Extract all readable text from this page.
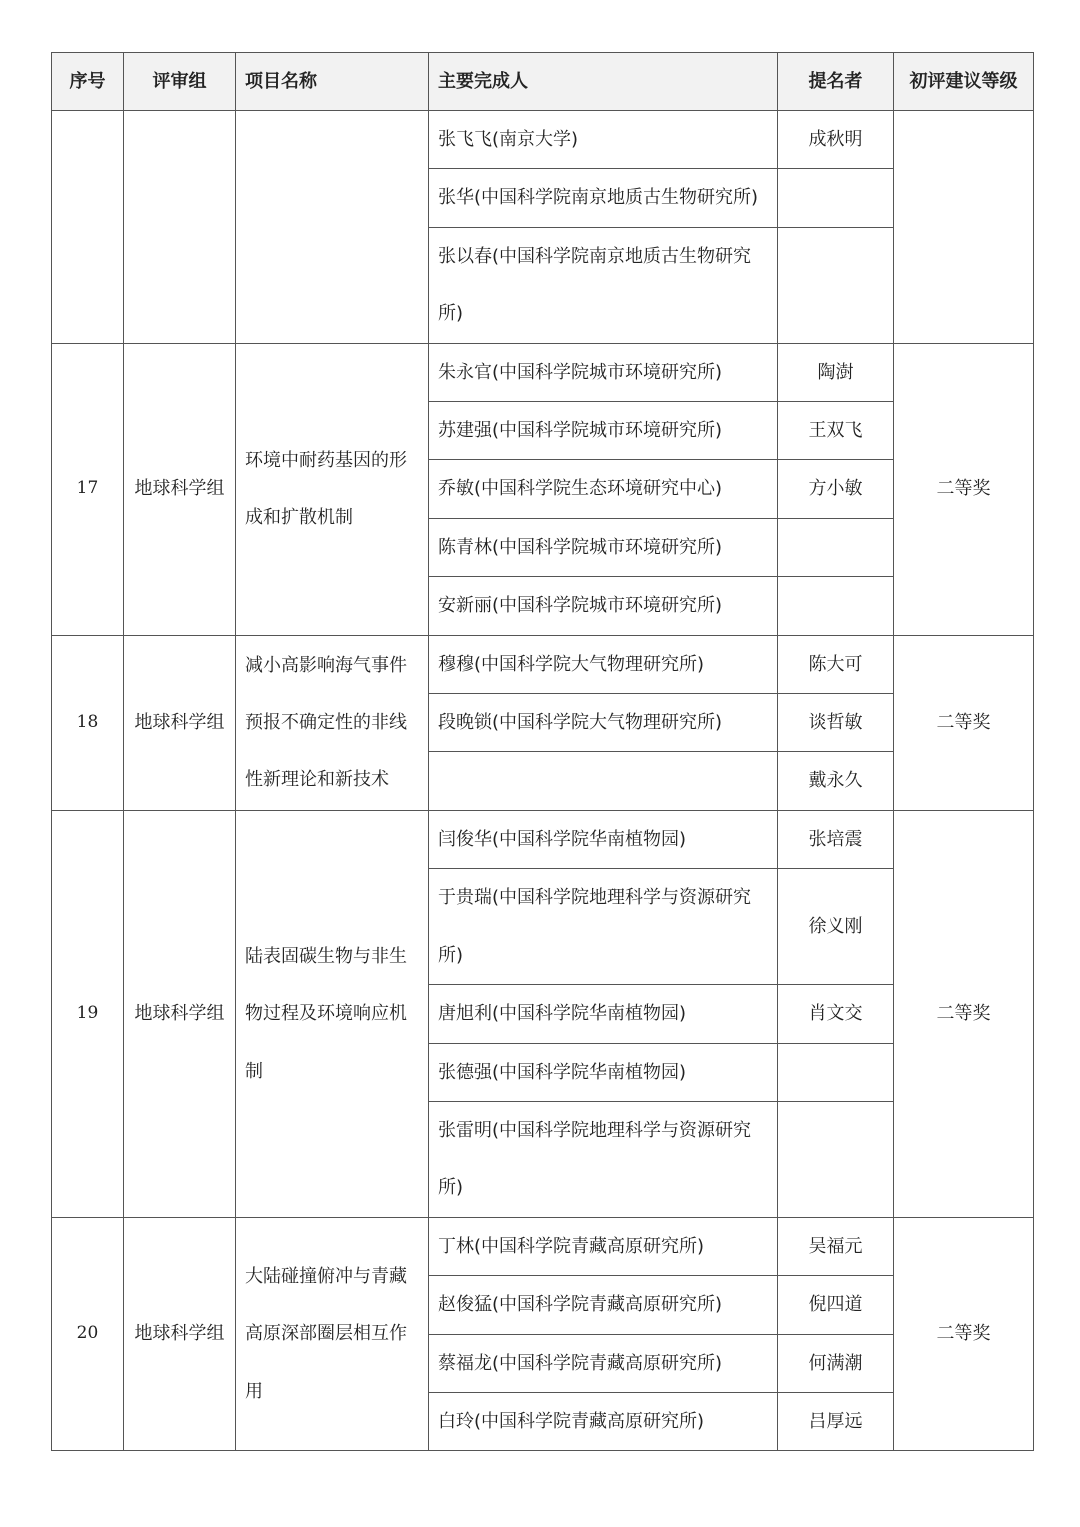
序号	评审组	项目名称	主要完成人	提名者	初评建议等级
			张飞飞(南京大学)	成秋明	
			张华(中国科学院南京地质古生物研究所)		
			张以春(中国科学院南京地质古生物研究所)		

17	地球科学组	环境中耐药基因的形成和扩散机制	朱永官(中国科学院城市环境研究所)	陶澍	二等奖
			苏建强(中国科学院城市环境研究所)	王双飞	
			乔敏(中国科学院生态环境研究中心)	方小敏	
			陈青林(中国科学院城市环境研究所)		
			安新丽(中国科学院城市环境研究所)		
18	地球科学组	减小高影响海气事件预报不确定性的非线性新理论和新技术	穆穆(中国科学院大气物理研究所)	陈大可	二等奖
			段晚锁(中国科学院大气物理研究所)	谈哲敏	
				戴永久	
19	地球科学组	陆表固碳生物与非生物过程及环境响应机制	闫俊华(中国科学院华南植物园)	张培震	二等奖
			于贵瑞(中国科学院地理科学与资源研究所)	徐义刚	

			唐旭利(中国科学院华南植物园)	肖文交	
			张德强(中国科学院华南植物园)		
			张雷明(中国科学院地理科学与资源研究所)		

20	地球科学组	大陆碰撞俯冲与青藏高原深部圈层相互作用	丁林(中国科学院青藏高原研究所)	吴福元	二等奖
			赵俊猛(中国科学院青藏高原研究所)	倪四道	
			蔡福龙(中国科学院青藏高原研究所)	何满潮	
			白玲(中国科学院青藏高原研究所)	吕厚远	
